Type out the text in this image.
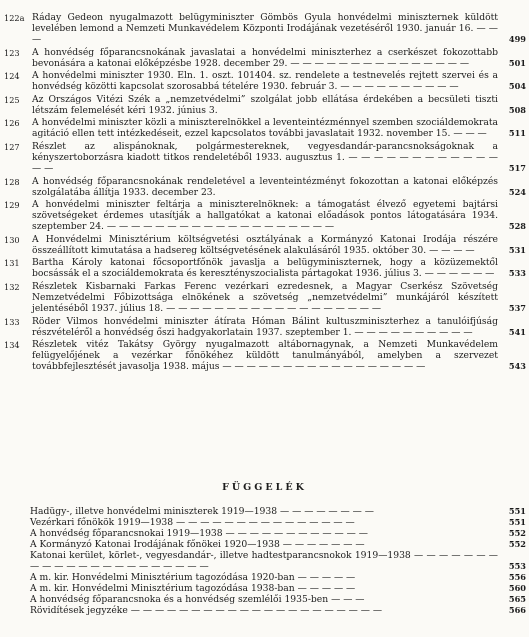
122a Ráday Gedeon nyugalmazott belügyminiszter Gömbös Gyula honvédelmi miniszternek küldött levelében lemond a Nemzeti Munkavédelem Központi Irodájának vezetéséről 1930. január 16. — — —	499
123	A honvédség főparancsnokának javaslatai a honvédelmi miniszterhez a cserkészet fokozottabb bevonására a katonai előképzésbe 1928. december 29. — — — — — — — — — — — — — — —	501
124	A honvédelmi miniszter 1930. Eln. 1. oszt. 101404. sz. rendelete a testnevelés rejtett szervei és a honvédség közötti kapcsolat szorosabbá tételére 1930. február 3. — — — — — — — — — —	504
125	Az Országos Vitézi Szék a „nemzetvédelmi” szolgálat jobb ellátása érdekében a becsületi tiszti létszám felemelését kéri 1932. június 3.	508
126	A honvédelmi miniszter közli a miniszterelnökkel a leventeintézménnyel szemben szociáldemokrata agitáció ellen tett intézkedéseit, ezzel kapcsolatos további javaslatait 1932. november 15. — — —	511
127	Részlet az alispánoknak, polgármestereknek, vegyesdandár-parancsnokságoknak a kényszertoborzásra kiadott titkos rendeletéből 1933. augusztus 1. — — — — — — — — — — — — — —	517
128	A honvédség főparancsnokának rendeletével a leventeintézményt fokozottan a katonai előképzés szolgálatába állítja 1933. december 23.	524
129	A honvédelmi miniszter feltárja a miniszterelnöknek: a támogatást élvező egyetemi bajtársi szövetségeket érdemes utasítják a hallgatókat a katonai előadások pontos látogatására 1934. szeptember 24. — — — — — — — — — — — — — — — — — — —	528
130	A Honvédelmi Minisztérium költségvetési osztályának a Kormányzó Katonai Irodája részére összeállított kimutatása a hadsereg költségvetésének alakulásáról 1935. október 30. — — — —	531
131	Bartha Károly katonai főcsoportfőnök javaslja a belügyminiszternek, hogy a közüzemektől bocsássák el a szociáldemokrata és keresztényszocialista pártagokat 1936. július 3. — — — — — —	533
132	Részletek Kisbarnaki Farkas Ferenc vezérkari ezredesnek, a Magyar Cserkész Szövetség Nemzetvédelmi Főbizottsága elnökének a szövetség „nemzetvédelmi” munkájáról készített jelentéséből 1937. július 18. — — — — — — — — — — — — — — — — — —	537
133	Röder Vilmos honvédelmi miniszter átírata Hóman Bálint kultuszminiszterhez a tanulóifjúság részvételéről a honvédség őszi hadgyakorlatain 1937. szeptember 1. — — — — — — — — — —	541
134	Részletek vitéz Takátsy György nyugalmazott altábornagynak, a Nemzeti Munkavédelem felügyelőjének a vezérkar főnökéhez küldött tanulmányából, amelyben a szervezet továbbfejlesztését javasolja 1938. május — — — — — — — — — — — — — — — — —	543
FÜGGELÉK
Hadügy-, illetve honvédelmi miniszterek 1919—1938 — — — — — — — —	551
Vezérkari főnökök 1919—1938 — — — — — — — — — — — — — — —	551
A honvédség főparancsnokai 1919—1938 — — — — — — — — — — — —	552
A Kormányzó Katonai Irodájának főnökei 1920—1938 — — — — — — —	552
Katonai kerület, körlet-, vegyesdandár-, illetve hadtestparancsnokok 1919—1938 — — — — — — — — — — — — — — — — — — — — — —	553
A m. kir. Honvédelmi Minisztérium tagozódása 1920-ban — — — — —	556
A m. kir. Honvédelmi Minisztérium tagozódása 1938-ban — — — — —	560
A honvédség főparancsnoka és a honvédség szemlélői 1935-ben — — —	565
Rövidítések jegyzéke — — — — — — — — — — — — — — — — — — — — —	566
